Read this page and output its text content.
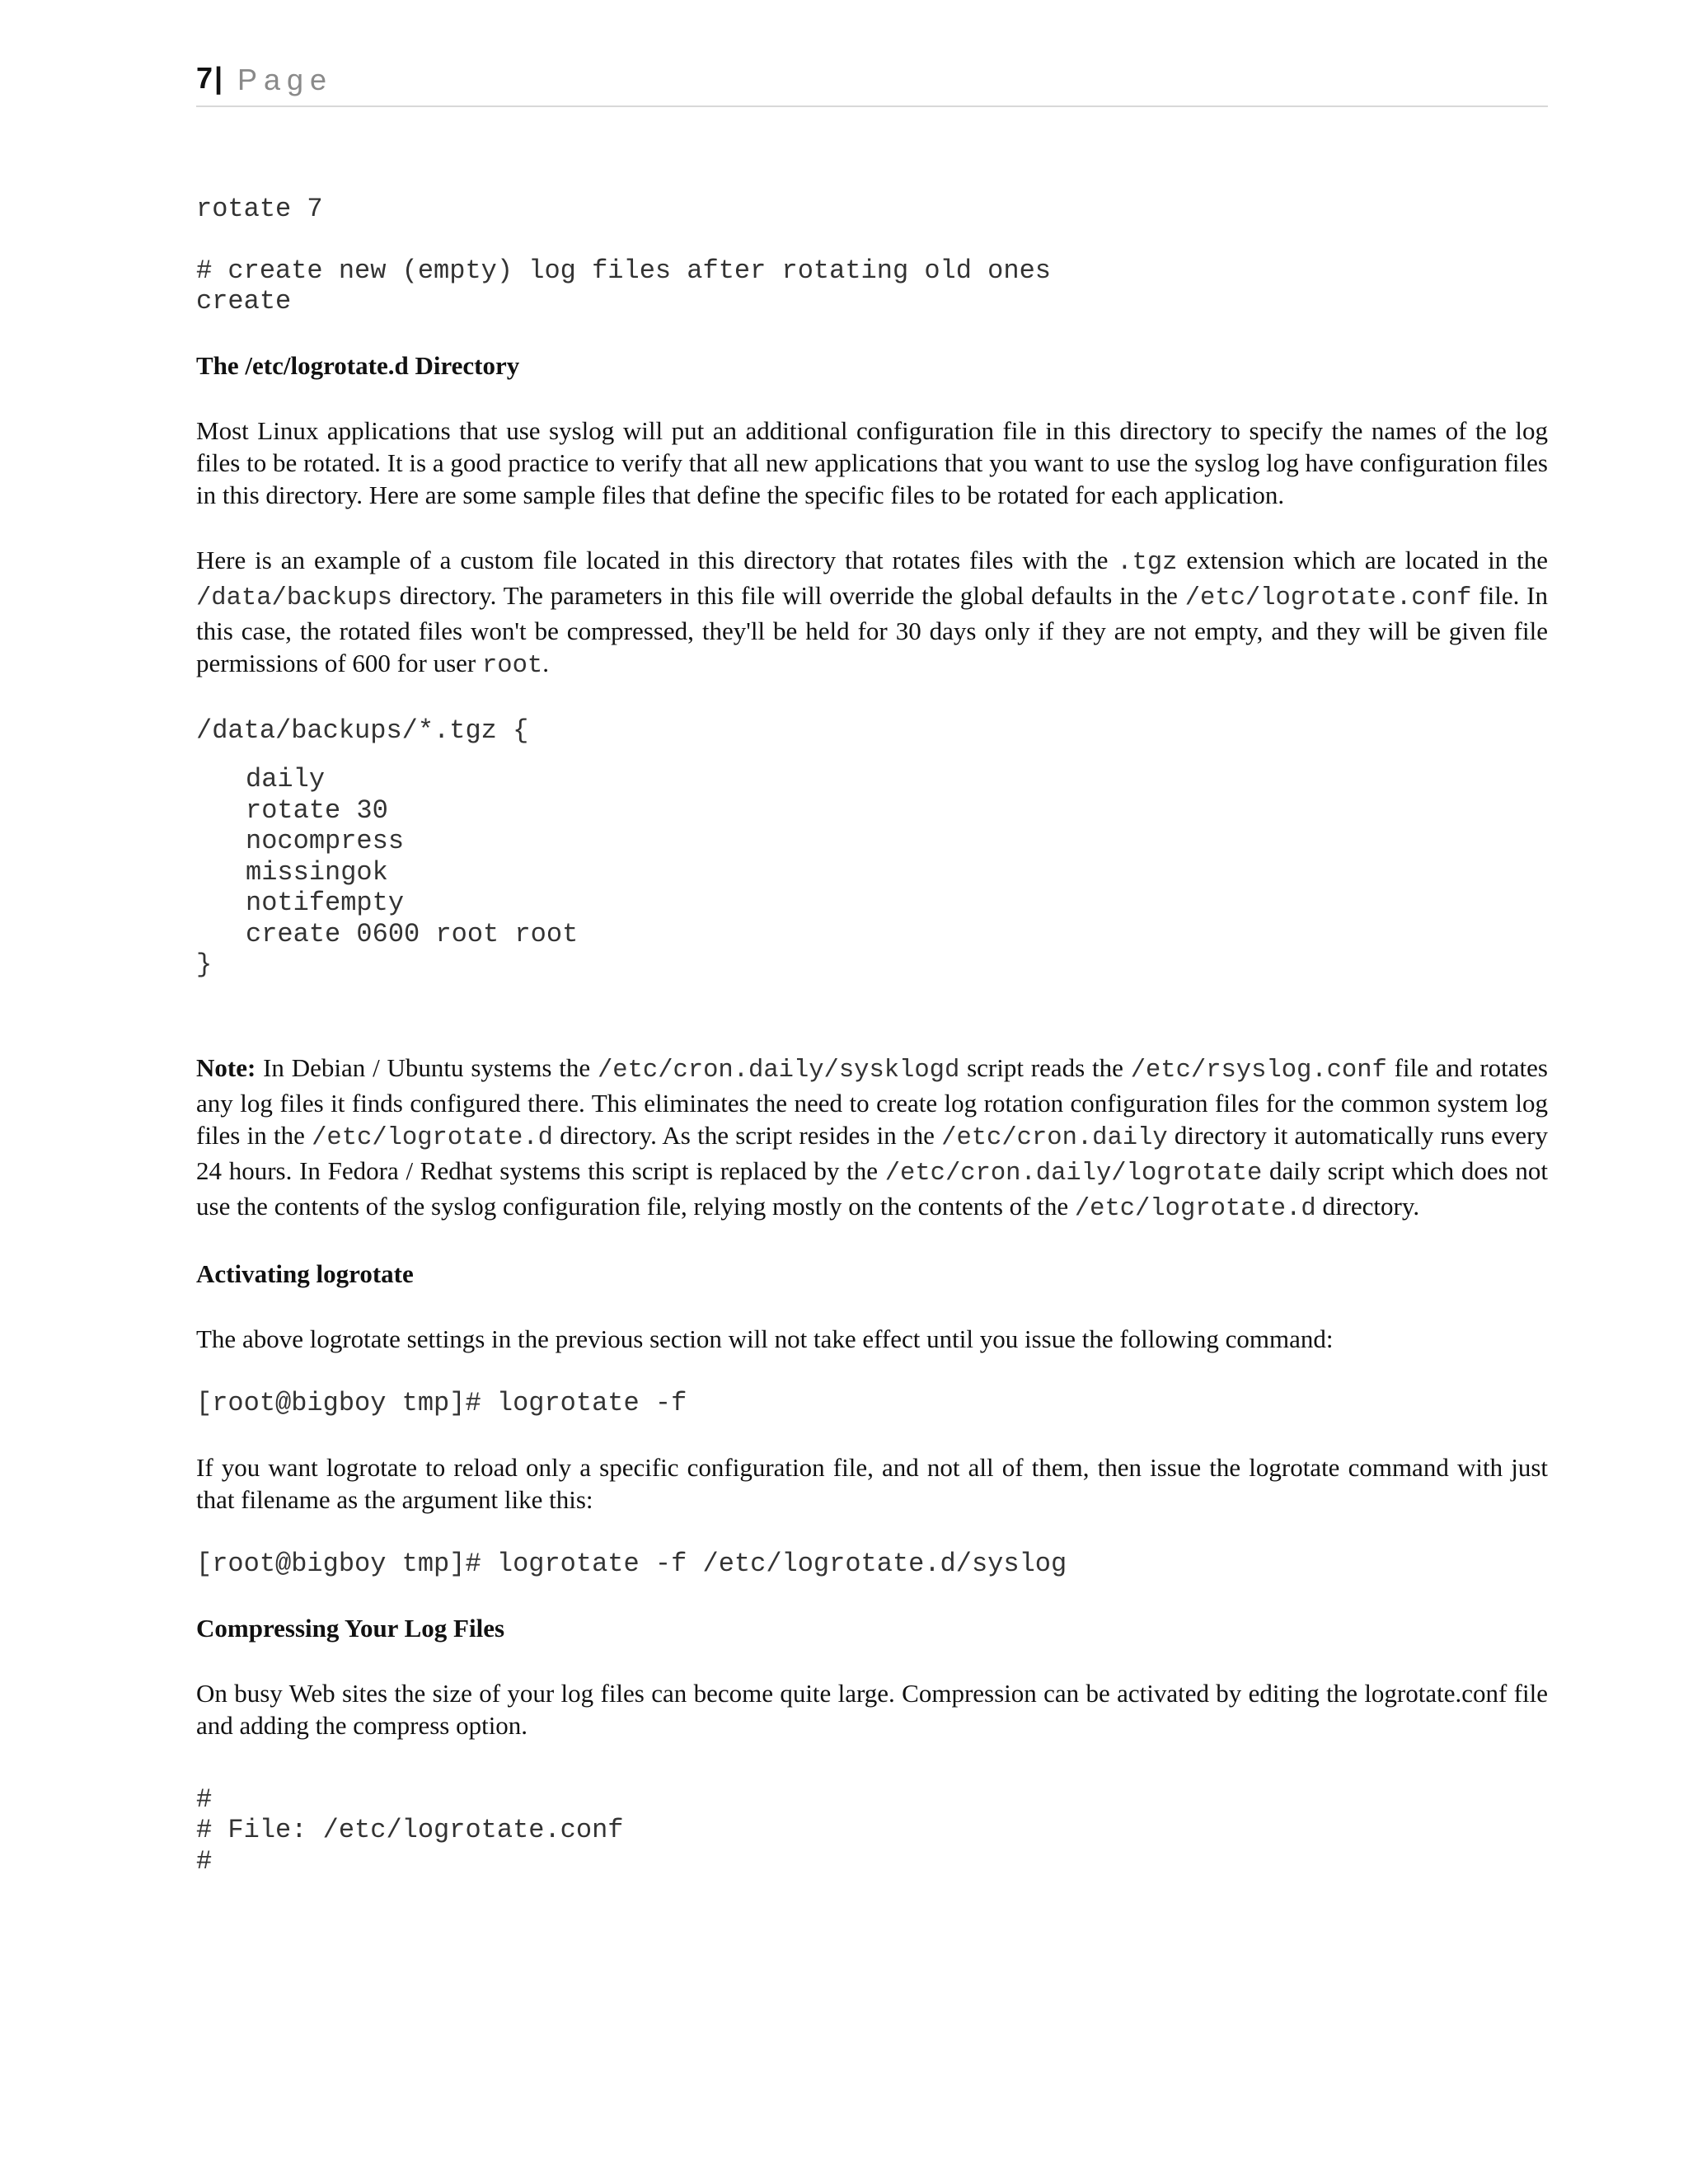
7 | Page
rotate 7
# create new (empty) log files after rotating old ones
create

The /etc/logrotate.d Directory

Most Linux applications that use syslog will put an additional configuration file in this directory to specify the names of the log files to be rotated. It is a good practice to verify that all new applications that you want to use the syslog log have configuration files in this directory. Here are some sample files that define the specific files to be rotated for each application.

Here is an example of a custom file located in this directory that rotates files with the .tgz extension which are located in the /data/backups directory. The parameters in this file will override the global defaults in the /etc/logrotate.conf file. In this case, the rotated files won't be compressed, they'll be held for 30 days only if they are not empty, and they will be given file permissions of 600 for user root.

/data/backups/*.tgz {
daily
rotate 30
nocompress
missingok
notifempty
create 0600 root root
}

Note: In Debian / Ubuntu systems the /etc/cron.daily/sysklogd script reads the /etc/rsyslog.conf file and rotates any log files it finds configured there. This eliminates the need to create log rotation configuration files for the common system log files in the /etc/logrotate.d directory. As the script resides in the /etc/cron.daily directory it automatically runs every 24 hours. In Fedora / Redhat systems this script is replaced by the /etc/cron.daily/logrotate daily script which does not use the contents of the syslog configuration file, relying mostly on the contents of the /etc/logrotate.d directory.

Activating logrotate

The above logrotate settings in the previous section will not take effect until you issue the following command:

[root@bigboy tmp]# logrotate -f

If you want logrotate to reload only a specific configuration file, and not all of them, then issue the logrotate command with just that filename as the argument like this:

[root@bigboy tmp]# logrotate -f /etc/logrotate.d/syslog

Compressing Your Log Files

On busy Web sites the size of your log files can become quite large. Compression can be activated by editing the logrotate.conf file and adding the compress option.

#
# File: /etc/logrotate.conf
#
